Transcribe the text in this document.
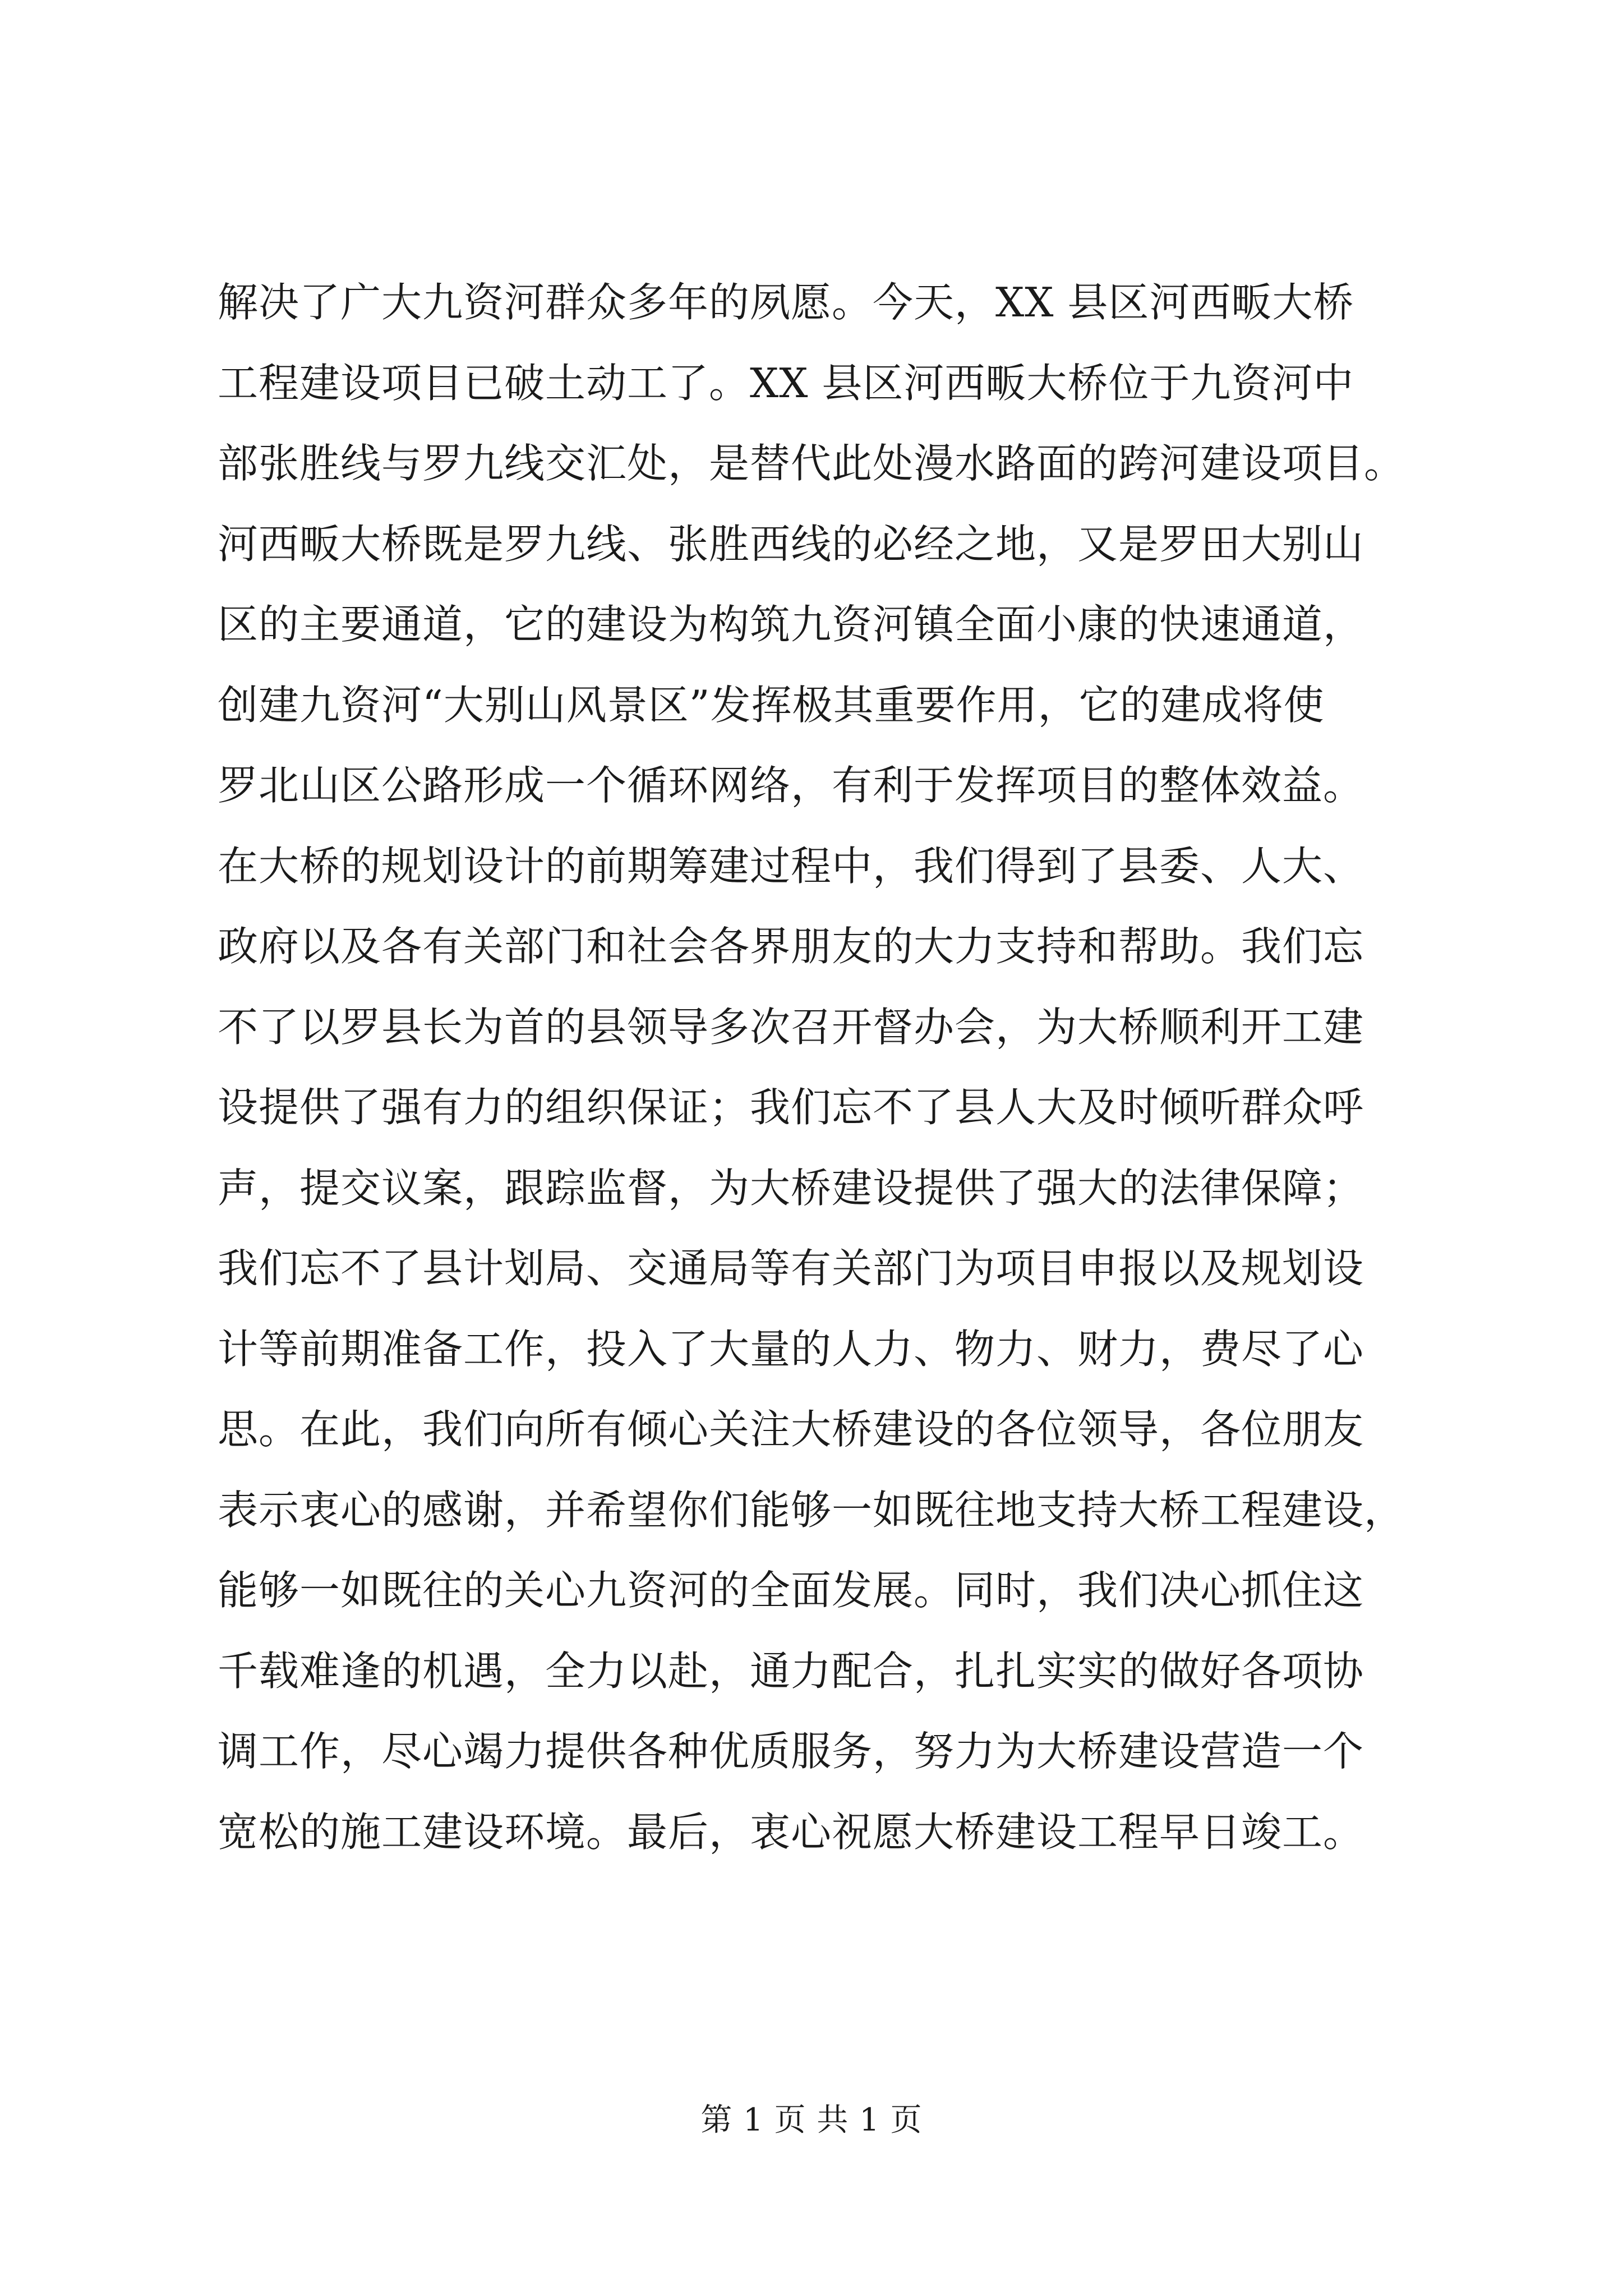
解决了广大九资河群众多年的夙愿。今天，XX 县区河西畈大桥
工程建设项目已破土动工了。XX 县区河西畈大桥位于九资河中
部张胜线与罗九线交汇处，是替代此处漫水路面的跨河建设项目。
河西畈大桥既是罗九线、张胜西线的必经之地，又是罗田大别山
区的主要通道，它的建设为构筑九资河镇全面小康的快速通道，
创建九资河“大别山风景区”发挥极其重要作用，它的建成将使
罗北山区公路形成一个循环网络，有利于发挥项目的整体效益。
在大桥的规划设计的前期筹建过程中，我们得到了县委、人大、
政府以及各有关部门和社会各界朋友的大力支持和帮助。我们忘
不了以罗县长为首的县领导多次召开督办会，为大桥顺利开工建
设提供了强有力的组织保证；我们忘不了县人大及时倾听群众呼
声，提交议案，跟踪监督，为大桥建设提供了强大的法律保障；
我们忘不了县计划局、交通局等有关部门为项目申报以及规划设
计等前期准备工作，投入了大量的人力、物力、财力，费尽了心
思。在此，我们向所有倾心关注大桥建设的各位领导，各位朋友
表示衷心的感谢，并希望你们能够一如既往地支持大桥工程建设，
能够一如既往的关心九资河的全面发展。同时，我们决心抓住这
千载难逢的机遇，全力以赴，通力配合，扎扎实实的做好各项协
调工作，尽心竭力提供各种优质服务，努力为大桥建设营造一个
宽松的施工建设环境。最后，衷心祝愿大桥建设工程早日竣工。
第 1 页 共 1 页
